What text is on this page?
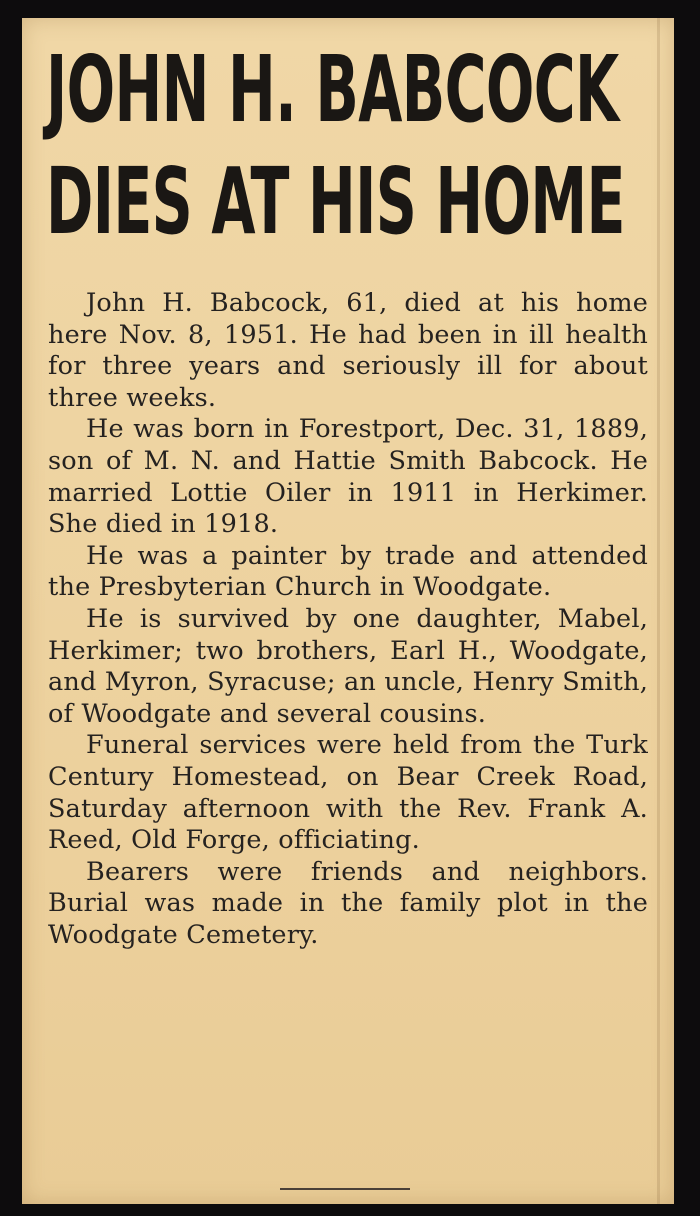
JOHN H. BABCOCK
DIES AT HIS HOME

John H. Babcock, 61, died at his home here Nov. 8, 1951. He had been in ill health for three years and seriously ill for about three weeks.

He was born in Forestport, Dec. 31, 1889, son of M. N. and Hattie Smith Babcock. He married Lottie Oiler in 1911 in Herkimer. She died in 1918.

He was a painter by trade and attended the Presbyterian Church in Woodgate.

He is survived by one daughter, Mabel, Herkimer; two brothers, Earl H., Woodgate, and Myron, Syracuse; an uncle, Henry Smith, of Woodgate and several cousins.

Funeral services were held from the Turk Century Homestead, on Bear Creek Road, Saturday afternoon with the Rev. Frank A. Reed, Old Forge, officiating.

Bearers were friends and neighbors. Burial was made in the family plot in the Woodgate Cemetery.
